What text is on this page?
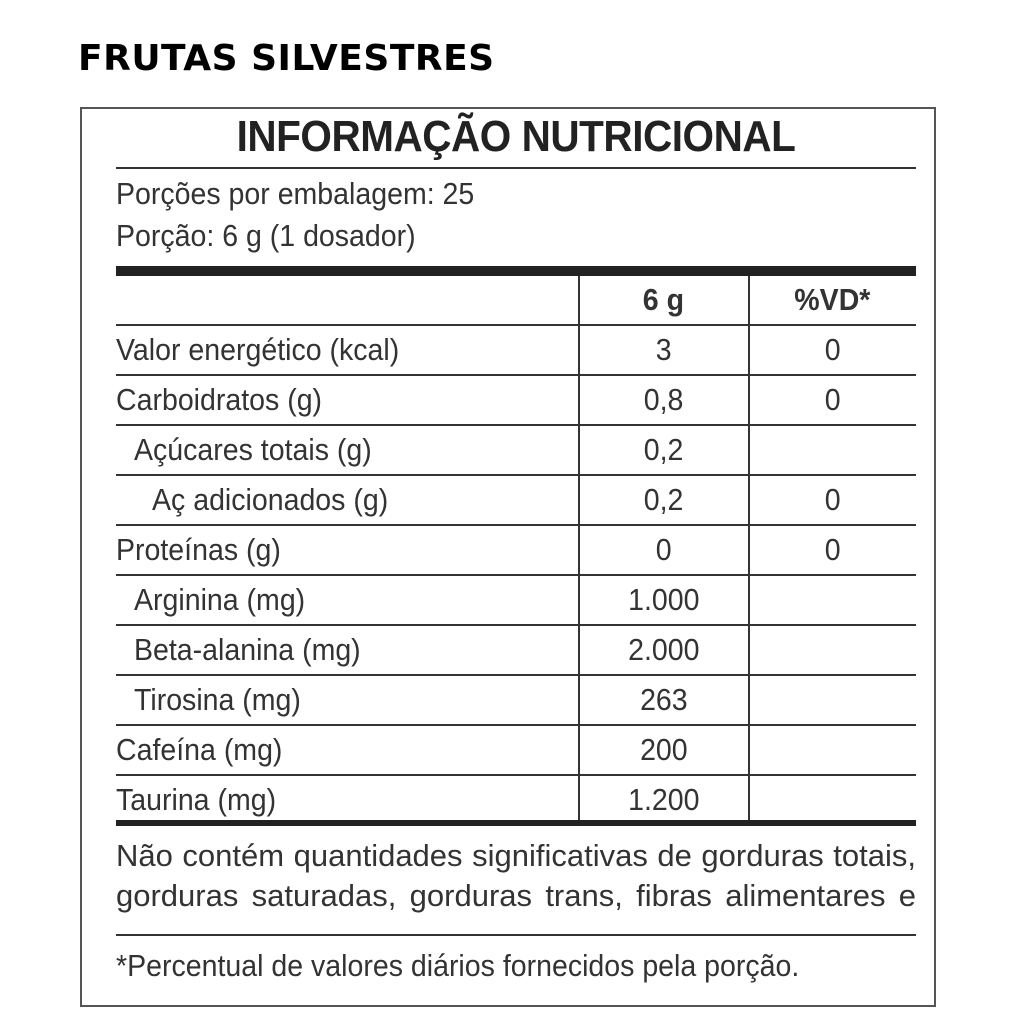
FRUTAS SILVESTRES
INFORMAÇÃO NUTRICIONAL
Porções por embalagem: 25
Porção: 6 g (1 dosador)
	6 g	%VD*
Valor energético (kcal)	3	0
Carboidratos (g)	0,8	0
Açúcares totais (g)	0,2	
Aç adicionados (g)	0,2	0
Proteínas (g)	0	0
Arginina (mg)	1.000	
Beta-alanina (mg)	2.000	
Tirosina (mg)	263	
Cafeína (mg)	200	
Taurina (mg)	1.200	
Não contém quantidades significativas de gorduras totais,
gorduras saturadas, gorduras trans, fibras alimentares e
*Percentual de valores diários fornecidos pela porção.
